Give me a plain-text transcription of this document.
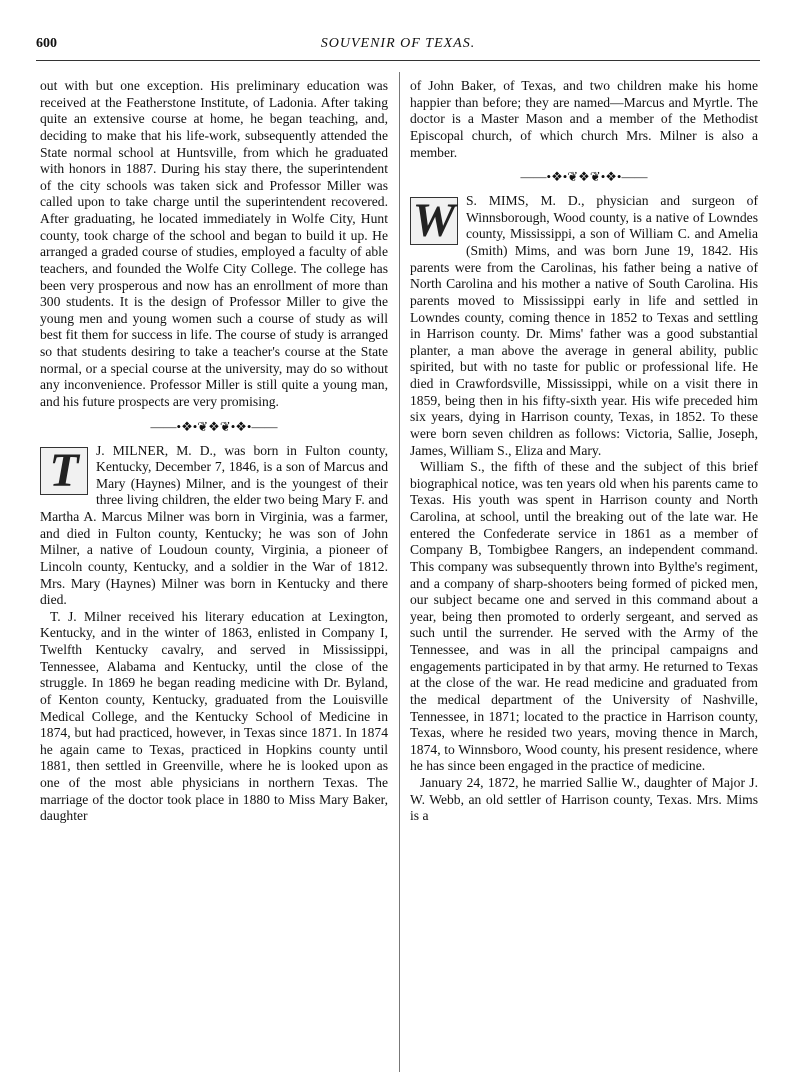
600	SOUVENIR OF TEXAS.

out with but one exception. His preliminary education was received at the Featherstone Institute, of Ladonia. After taking quite an extensive course at home, he began teaching, and, deciding to make that his life-work, subsequently attended the State normal school at Huntsville, from which he graduated with honors in 1887. During his stay there, the superintendent of the city schools was taken sick and Professor Miller was called upon to take charge until the superintendent recovered. After graduating, he located immediately in Wolfe City, Hunt county, took charge of the school and began to build it up. He arranged a graded course of studies, employed a faculty of able teachers, and founded the Wolfe City College. The college has been very prosperous and now has an enrollment of more than 300 students. It is the design of Professor Miller to give the young men and young women such a course of study as will best fit them for success in life. The course of study is arranged so that students desiring to take a teacher's course at the State normal, or a special course at the university, may do so without any inconvenience. Professor Miller is still quite a young man, and his future prospects are very promising.

——•❖•❦❖❦•❖•——

T	J. MILNER, M. D., was born in Fulton county, Kentucky, December 7, 1846, is a son of Marcus and Mary (Haynes) Milner, and is the youngest of their three living children, the elder two being Mary F. and Martha A. Marcus Milner was born in Virginia, was a farmer, and died in Fulton county, Kentucky; he was son of John Milner, a native of Loudoun county, Virginia, a pioneer of Lincoln county, Kentucky, and a soldier in the War of 1812. Mrs. Mary (Haynes) Milner was born in Kentucky and there died.

T. J. Milner received his literary education at Lexington, Kentucky, and in the winter of 1863, enlisted in Company I, Twelfth Kentucky cavalry, and served in Mississippi, Tennessee, Alabama and Kentucky, until the close of the struggle. In 1869 he began reading medicine with Dr. Byland, of Kenton county, Kentucky, graduated from the Louisville Medical College, and the Kentucky School of Medicine in 1874, but had practiced, however, in Texas since 1871. In 1874 he again came to Texas, practiced in Hopkins county until 1881, then settled in Greenville, where he is looked upon as one of the most able physicians in northern Texas. The marriage of the doctor took place in 1880 to Miss Mary Baker, daughter

of John Baker, of Texas, and two children make his home happier than before; they are named—Marcus and Myrtle. The doctor is a Master Mason and a member of the Methodist Episcopal church, of which church Mrs. Milner is also a member.

——•❖•❦❖❦•❖•——

W S. MIMS, M. D., physician and surgeon of Winnsborough, Wood county, is a native of Lowndes county, Mississippi, a son of William C. and Amelia (Smith) Mims, and was born June 19, 1842. His parents were from the Carolinas, his father being a native of North Carolina and his mother a native of South Carolina. His parents moved to Mississippi early in life and settled in Lowndes county, coming thence in 1852 to Texas and settling in Harrison county. Dr. Mims' father was a good substantial planter, a man above the average in general ability, public spirited, but with no taste for public or professional life. He died in Crawfordsville, Mississippi, while on a visit there in 1859, being then in his fifty-sixth year. His wife preceded him six years, dying in Harrison county, Texas, in 1852. To these were born seven children as follows: Victoria, Sallie, Joseph, James, William S., Eliza and Mary.

William S., the fifth of these and the subject of this brief biographical notice, was ten years old when his parents came to Texas. His youth was spent in Harrison county and North Carolina, at school, until the breaking out of the late war. He entered the Confederate service in 1861 as a member of Company B, Tombigbee Rangers, an independent command. This company was subsequently thrown into Bylthe's regiment, and a company of sharp-shooters being formed of picked men, our subject became one and served in this command about a year, being then promoted to orderly sergeant, and served as such until the surrender. He served with the Army of the Tennessee, and was in all the principal campaigns and engagements participated in by that army. He returned to Texas at the close of the war. He read medicine and graduated from the medical department of the University of Nashville, Tennessee, in 1871; located to the practice in Harrison county, Texas, where he resided two years, moving thence in March, 1874, to Winnsboro, Wood county, his present residence, where he has since been engaged in the practice of medicine.

January 24, 1872, he married Sallie W., daughter of Major J. W. Webb, an old settler of Harrison county, Texas. Mrs. Mims is a
